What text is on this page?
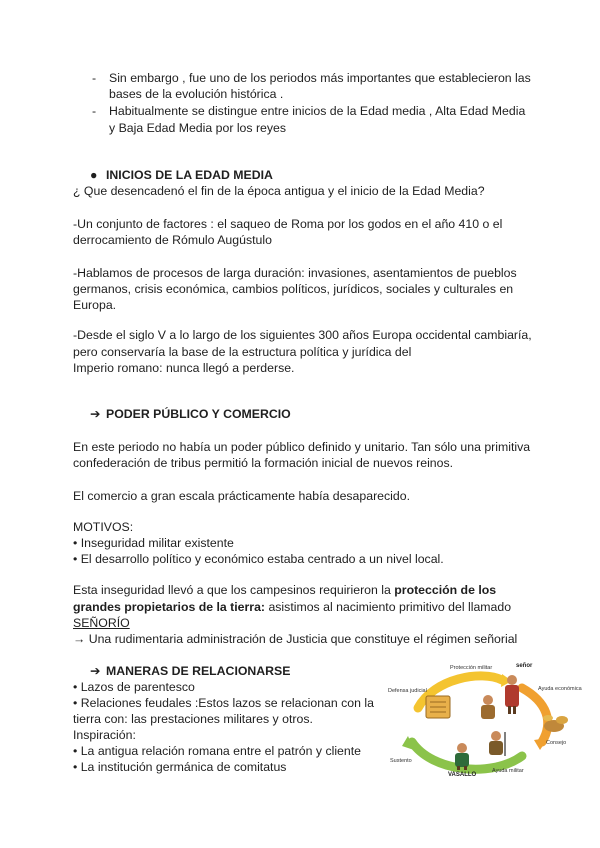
- Sin embargo , fue uno de los periodos más importantes que establecieron las
bases de la evolución histórica .
- Habitualmente se distingue entre inicios de la Edad media , Alta Edad Media
y Baja Edad Media por los reyes
● INICIOS DE LA EDAD MEDIA
¿ Que desencadenó el fin de la época antigua y el inicio de la Edad Media?
-Un conjunto de factores : el saqueo de Roma por los godos en el año 410 o el
derrocamiento de Rómulo Augústulo
-Hablamos de procesos de larga duración: invasiones, asentamientos de pueblos
germanos, crisis económica, cambios políticos, jurídicos, sociales y culturales en
Europa.
-Desde el siglo V a lo largo de los siguientes 300 años Europa occidental cambiaría,
pero conservaría la base de la estructura política y jurídica del
Imperio romano: nunca llegó a perderse.
➔ PODER PÚBLICO Y COMERCIO
En este periodo no había un poder público definido y unitario. Tan sólo una primitiva
confederación de tribus permitió la formación inicial de nuevos reinos.
El comercio a gran escala prácticamente había desaparecido.
MOTIVOS:
• Inseguridad militar existente
• El desarrollo político y económico estaba centrado a un nivel local.
Esta inseguridad llevó a que los campesinos requirieron la protección de los
grandes propietarios de la tierra: asistimos al nacimiento primitivo del llamado
SEÑORÍO
→ Una rudimentaria administración de Justicia que constituye el régimen señorial
➔ MANERAS DE RELACIONARSE
• Lazos de parentesco
• Relaciones feudales :Estos lazos se relacionan con la
tierra con: las prestaciones militares y otros.
Inspiración:
• La antigua relación romana entre el patrón y cliente
• La institución germánica de comitatus
Protección militar	señor
Defensa judicial	Ayuda económica
Consejo
Sustento
VASALLO
Ayuda militar
